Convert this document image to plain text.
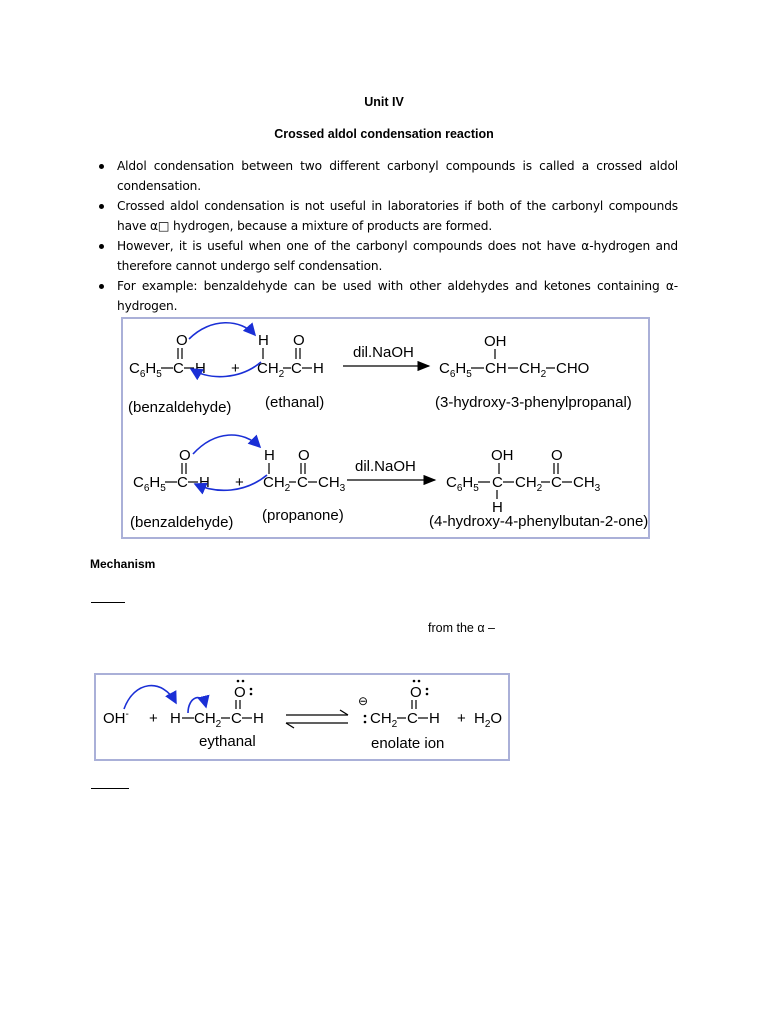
Unit IV
Crossed aldol condensation reaction
Aldol condensation between two different carbonyl compounds is called a crossed aldol condensation.
Crossed aldol condensation is not useful in laboratories if both of the carbonyl compounds have α□ hydrogen, because a mixture of products are formed.
However, it is useful when one of the carbonyl compounds does not have α-hydrogen and therefore cannot undergo self condensation.
For example: benzaldehyde can be used with other aldehydes and ketones containing α-hydrogen.
O
$C_6H_5$ C H +
H O
$CH_2$ C H
(benzaldehyde) (ethanal)
dil.NaOH
OH
$C_6H_5$ CH $CH_2$ CHO
(3-hydroxy-3-phenylpropanal)
O
$C_6H_5$ C H +
H O
$CH_2$ C $CH_3$
(benzaldehyde) (propanone)
dil.NaOH
OH	O
$C_6H_5$ C $CH_2$ C $CH_3$
H
(4-hydroxy-4-phenylbutan-2-one)
Mechanism
from the α –
OH- + H $CH_2$ C H
O
eythanal
⊖
$CH_2$ C H
O
+ $H_2O$
enolate ion
